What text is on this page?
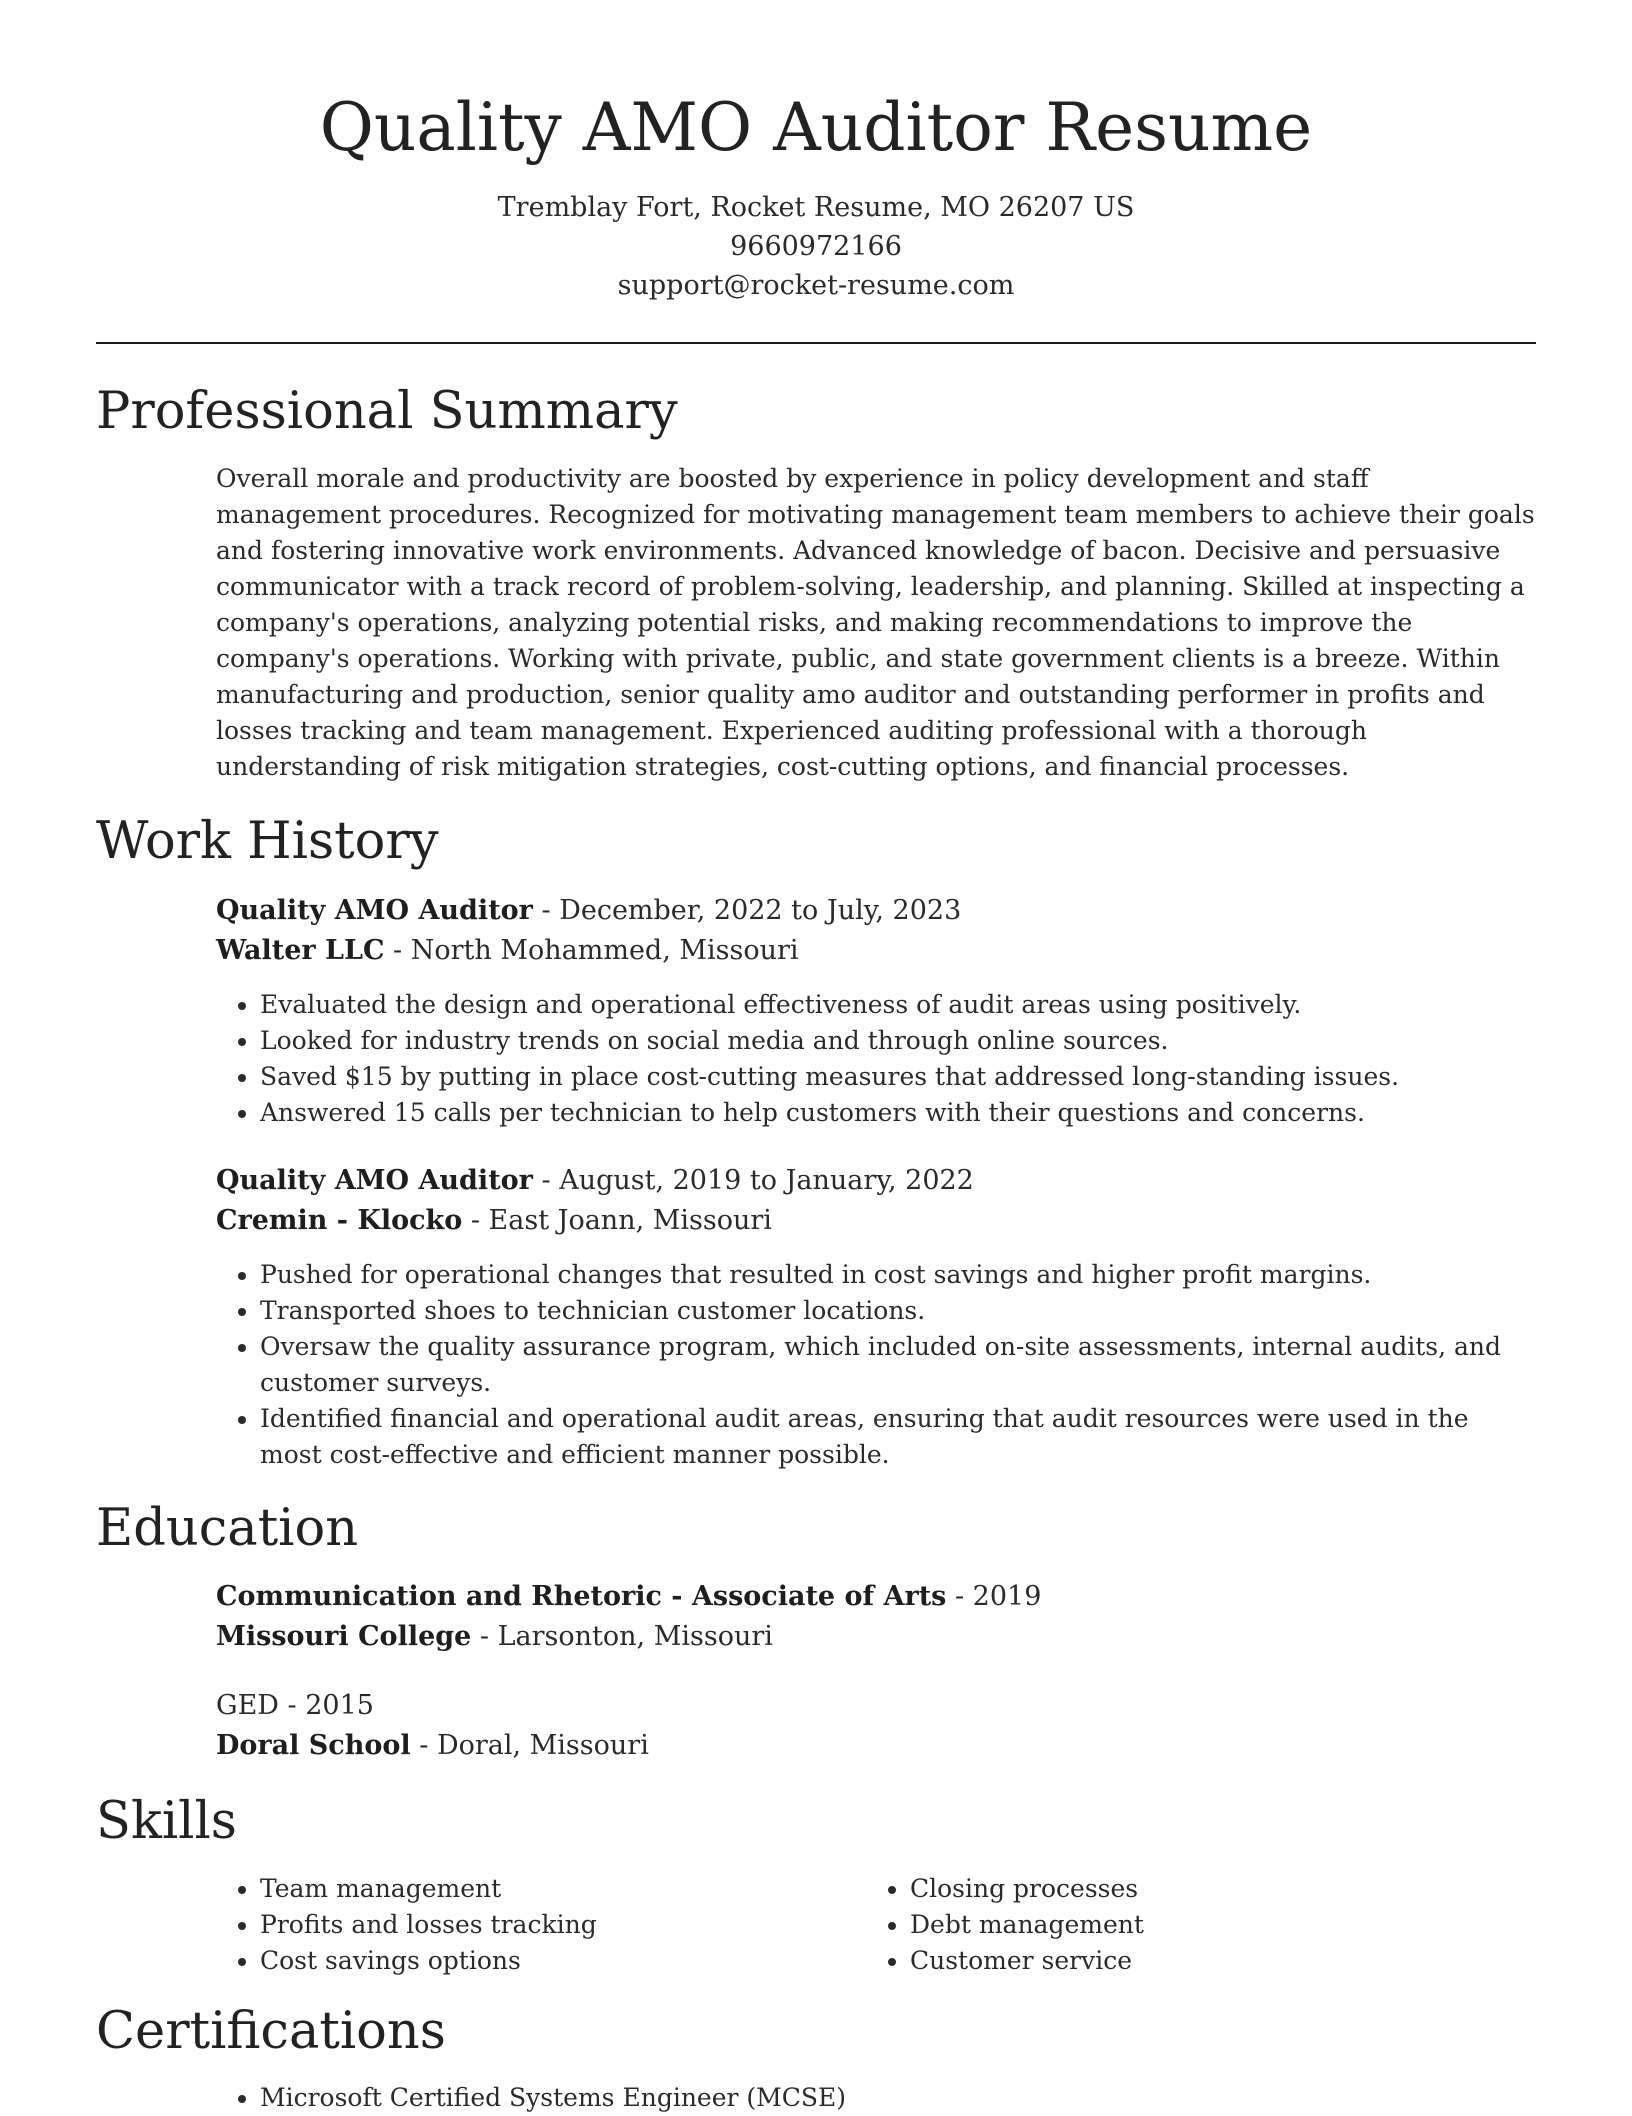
Quality AMO Auditor Resume
Tremblay Fort, Rocket Resume, MO 26207 US
9660972166
support@rocket-resume.com
Professional Summary

Overall morale and productivity are boosted by experience in policy development and staff management procedures. Recognized for motivating management team members to achieve their goals and fostering innovative work environments. Advanced knowledge of bacon. Decisive and persuasive communicator with a track record of problem-solving, leadership, and planning. Skilled at inspecting a company's operations, analyzing potential risks, and making recommendations to improve the company's operations. Working with private, public, and state government clients is a breeze. Within manufacturing and production, senior quality amo auditor and outstanding performer in profits and losses tracking and team management. Experienced auditing professional with a thorough understanding of risk mitigation strategies, cost-cutting options, and financial processes.

Work History
Quality AMO Auditor - December, 2022 to July, 2023
Walter LLC - North Mohammed, Missouri
• Evaluated the design and operational effectiveness of audit areas using positively.
• Looked for industry trends on social media and through online sources.
• Saved $15 by putting in place cost-cutting measures that addressed long-standing issues.
• Answered 15 calls per technician to help customers with their questions and concerns.
Quality AMO Auditor - August, 2019 to January, 2022
Cremin - Klocko - East Joann, Missouri
• Pushed for operational changes that resulted in cost savings and higher profit margins.
• Transported shoes to technician customer locations.
• Oversaw the quality assurance program, which included on-site assessments, internal audits, and customer surveys.
• Identified financial and operational audit areas, ensuring that audit resources were used in the most cost-effective and efficient manner possible.
Education
Communication and Rhetoric - Associate of Arts - 2019
Missouri College - Larsonton, Missouri
GED - 2015
Doral School - Doral, Missouri
Skills
• Team management
• Profits and losses tracking
• Cost savings options
• Closing processes
• Debt management
• Customer service
Certifications
• Microsoft Certified Systems Engineer (MCSE)
